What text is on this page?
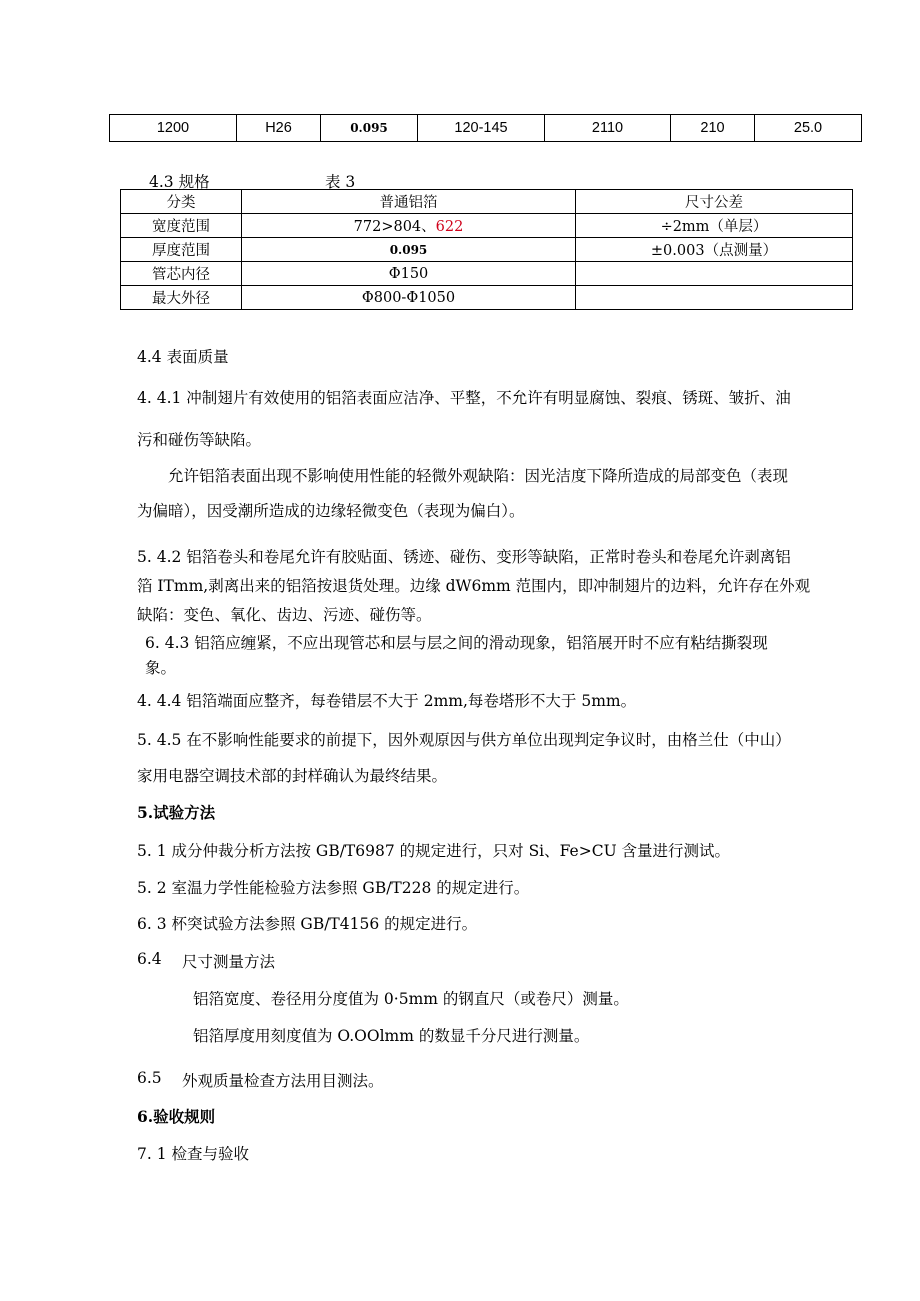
1200	H26	0.095	120-145	2110	210	25.0
4.3 规格	表 3
分类	普通铝箔	尺寸公差
宽度范围	772>804、622	÷2mm（单层）
厚度范围	0.095	±0.003（点测量）
管芯内径	Φ150	
最大外径	Φ800-Φ1050	
4.4 表面质量
4. 4.1 冲制翅片有效使用的铝箔表面应洁净、平整，不允许有明显腐蚀、裂痕、锈斑、皱折、油
污和碰伤等缺陷。
允许铝箔表面出现不影响使用性能的轻微外观缺陷：因光洁度下降所造成的局部变色（表现
为偏暗），因受潮所造成的边缘轻微变色（表现为偏白）。
5. 4.2 铝箔卷头和卷尾允许有胶贴面、锈迹、碰伤、变形等缺陷，正常时卷头和卷尾允许剥离铝
箔 ITmm,剥离出来的铝箔按退货处理。边缘 dW6mm 范围内，即冲制翅片的边料，允许存在外观
缺陷：变色、氧化、齿边、污迹、碰伤等。
6. 4.3 铝箔应缠紧，不应出现管芯和层与层之间的滑动现象，铝箔展开时不应有粘结撕裂现
象。
4. 4.4 铝箔端面应整齐，每卷错层不大于 2mm,每卷塔形不大于 5mm。
5. 4.5 在不影响性能要求的前提下，因外观原因与供方单位出现判定争议时，由格兰仕（中山）
家用电器空调技术部的封样确认为最终结果。
5.试验方法
5. 1 成分仲裁分析方法按 GB/T6987 的规定进行，只对 Si、Fe>CU 含量进行测试。
5. 2 室温力学性能检验方法参照 GB/T228 的规定进行。
6. 3 杯突试验方法参照 GB/T4156 的规定进行。
6.4 尺寸测量方法
铝箔宽度、卷径用分度值为 0·5mm 的钢直尺（或卷尺）测量。
铝箔厚度用刻度值为 O.OOlmm 的数显千分尺进行测量。
6.5 外观质量检查方法用目测法。
6.验收规则
7. 1 检查与验收
